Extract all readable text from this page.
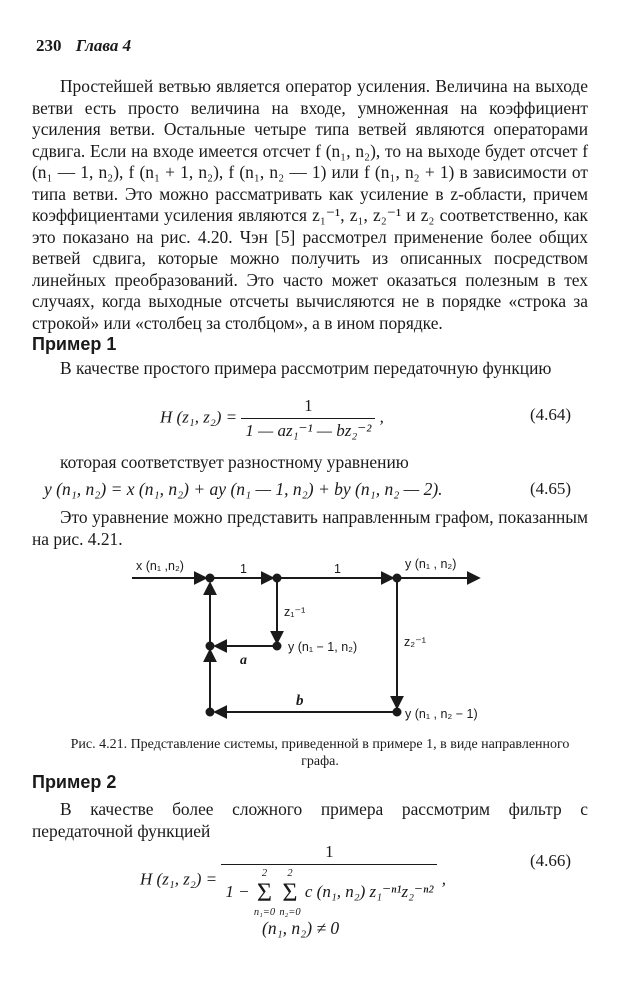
230 Глава 4

Простейшей ветвью является оператор усиления. Величина на выходе ветви есть просто величина на входе, умноженная на коэффициент усиления ветви. Остальные четыре типа ветвей являются операторами сдвига. Если на входе имеется отсчет f (n₁, n₂), то на выходе будет отсчет f (n₁ — 1, n₂), f (n₁ + 1, n₂), f (n₁, n₂ — 1) или f (n₁, n₂ + 1) в зависимости от типа ветви. Это можно рассматривать как усиление в z-области, причем коэффициентами усиления являются z₁⁻¹, z₁, z₂⁻¹ и z₂ соответственно, как это показано на рис. 4.20. Чэн [5] рассмотрел применение более общих ветвей сдвига, которые можно получить из описанных посредством линейных преобразований. Это часто может оказаться полезным в тех случаях, когда выходные отсчеты вычисляются не в порядке «строка за строкой» или «столбец за столбцом», а в ином порядке.

Пример 1

В качестве простого примера рассмотрим передаточную функцию

H (z₁, $z_2) = \frac{1}{\text{1 — az₁⁻¹ — bz₂⁻²}}$ ,	(4.64)

которая соответствует разностному уравнению

y (n₁, n₂) = x (n₁, n₂) + ay (n₁ — 1, n₂) + by (n₁, n₂ — 2).	(4.65)

Это уравнение можно представить направленным графом, показанным на рис. 4.21.

x (n₁ ,n₂)	1	1	y (n₁ , n₂)
z₁⁻¹
z₂⁻¹
y (n₁ − 1, n₂)
y (n₁ , n₂ − 1)
a
b
Рис. 4.21. Представление системы, приведенной в примере 1, в виде направленного графа.
Пример 2

В качестве более сложного примера рассмотрим фильтр с передаточной функцией

H (z₁, z₂) =
1
1 −
2
Σ
n₁=0

2
Σ
n₂=0
c (n₁, n₂) z₁⁻ⁿ¹z₂⁻ⁿ²
,
(4.66)
(n₁, n₂) ≠ 0
